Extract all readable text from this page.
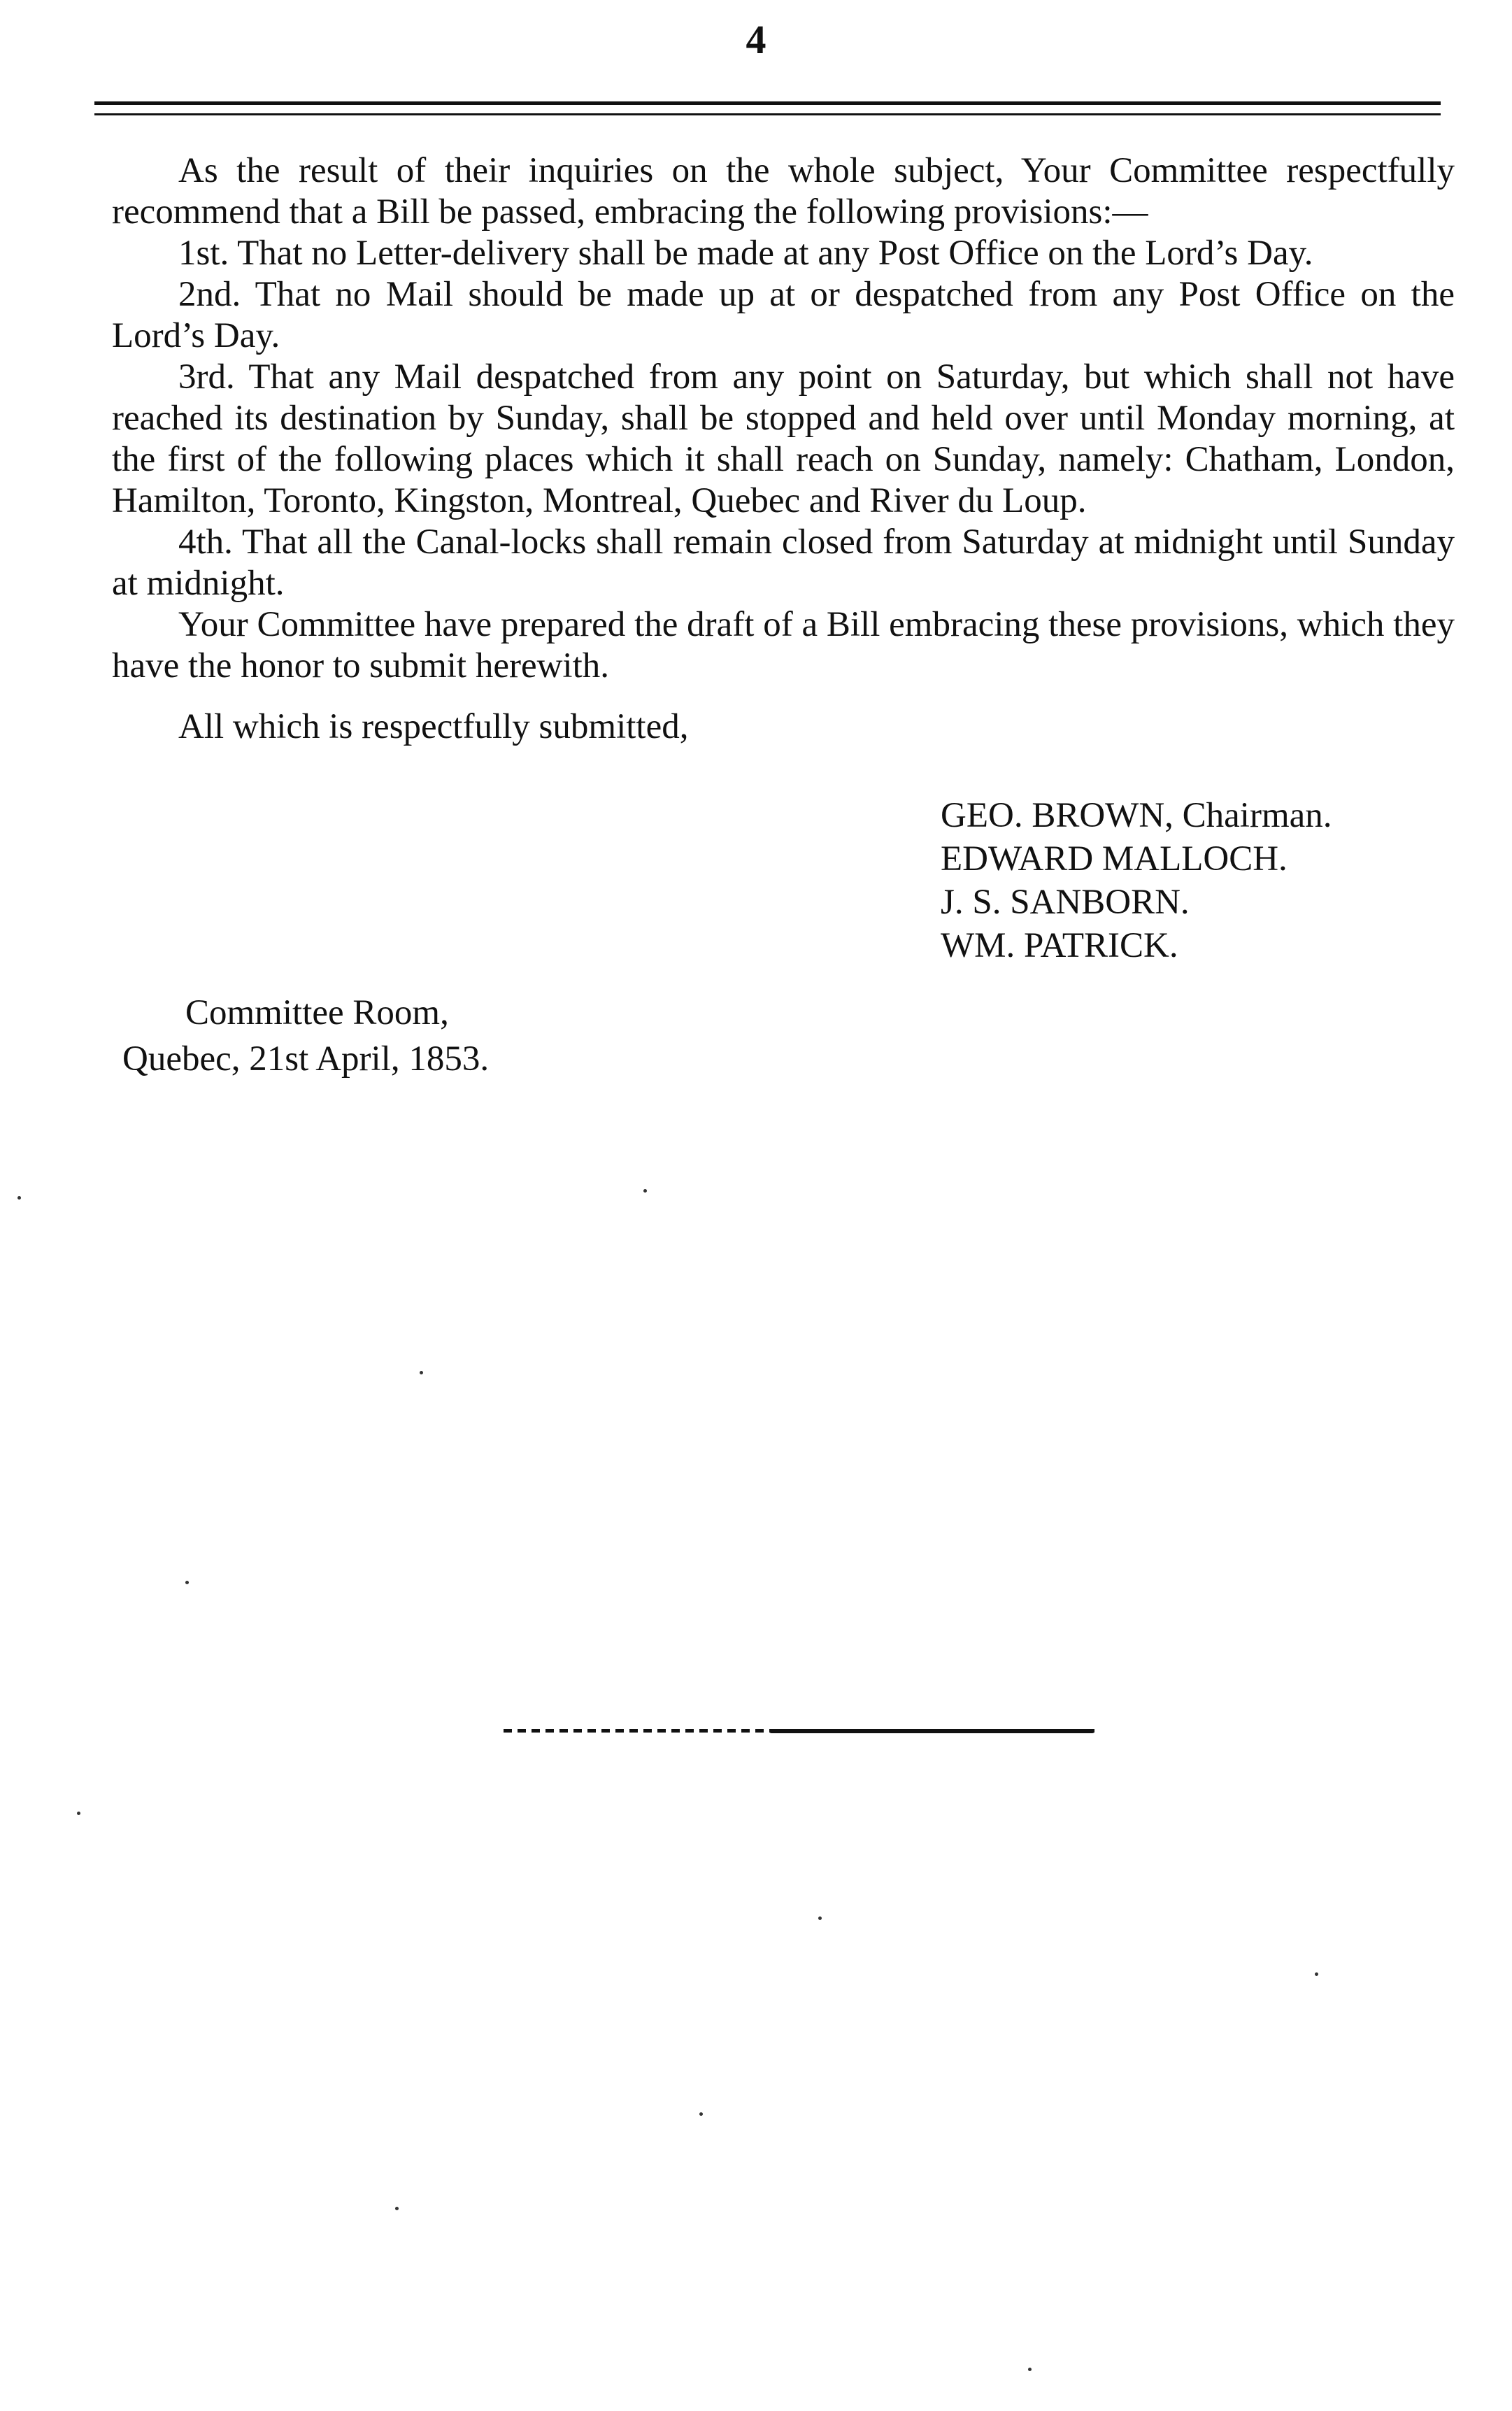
4

As the result of their inquiries on the whole subject, Your Committee respectfully recommend that a Bill be passed, embracing the following provisions:—

1st. That no Letter-delivery shall be made at any Post Office on the Lord’s Day.

2nd. That no Mail should be made up at or despatched from any Post Office on the Lord’s Day.

3rd. That any Mail despatched from any point on Saturday, but which shall not have reached its destination by Sunday, shall be stopped and held over until Monday morning, at the first of the following places which it shall reach on Sunday, namely: Chatham, London, Hamilton, Toronto, Kingston, Montreal, Quebec and River du Loup.

4th. That all the Canal-locks shall remain closed from Saturday at midnight until Sunday at midnight.

Your Committee have prepared the draft of a Bill embracing these provisions, which they have the honor to submit herewith.

All which is respectfully submitted,

GEO. BROWN, Chairman.
EDWARD MALLOCH.
J. S. SANBORN.
WM. PATRICK.
Committee Room,
Quebec, 21st April, 1853.
